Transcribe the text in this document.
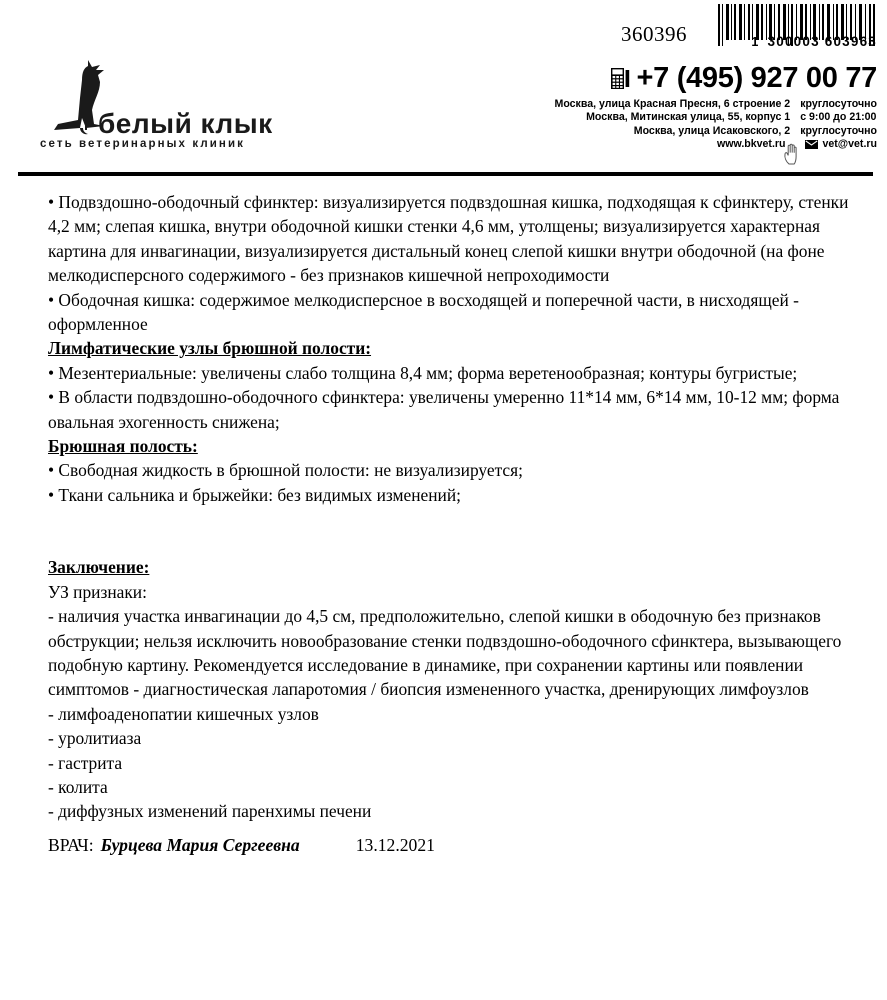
белый клык
сеть ветеринарных клиник
360396	1 300003 603963
+7 (495) 927 00 77
Москва, улица Красная Пресня, 6 строение 2	круглосуточно
Москва, Митинская улица, 55, корпус 1	с 9:00 до 21:00
Москва, улица Исаковского, 2	круглосуточно
www.bkvet.ru	vet@vet.ru

• Подвздошно-ободочный сфинктер: визуализируется подвздошная кишка, подходящая к сфинктеру, стенки 4,2 мм; слепая кишка, внутри ободочной кишки стенки 4,6 мм, утолщены; визуализируется характерная картина для инвагинации, визуализируется дистальный конец слепой кишки внутри ободочной (на фоне мелкодисперсного содержимого - без признаков кишечной непроходимости

• Ободочная кишка: содержимое мелкодисперсное в восходящей и поперечной части, в нисходящей - оформленное

Лимфатические узлы брюшной полости:

• Мезентериальные: увеличены слабо толщина 8,4 мм; форма веретенообразная; контуры бугристые;

• В области подвздошно-ободочного сфинктера: увеличены умеренно 11*14 мм, 6*14 мм, 10-12 мм; форма овальная эхогенность снижена;

Брюшная полость:

• Свободная жидкость в брюшной полости: не визуализируется;

• Ткани сальника и брыжейки: без видимых изменений;

Заключение:

УЗ признаки:

- наличия участка инвагинации до 4,5 см, предположительно, слепой кишки в ободочную без признаков обструкции; нельзя исключить новообразование стенки подвздошно-ободочного сфинктера, вызывающего подобную картину. Рекомендуется исследование в динамике, при сохранении картины или появлении симптомов - диагностическая лапаротомия / биопсия измененного участка, дренирующих лимфоузлов

- лимфоаденопатии кишечных узлов

- уролитиаза

- гастрита

- колита

- диффузных изменений паренхимы печени

ВРАЧ: Бурцева Мария Сергеевна	13.12.2021
